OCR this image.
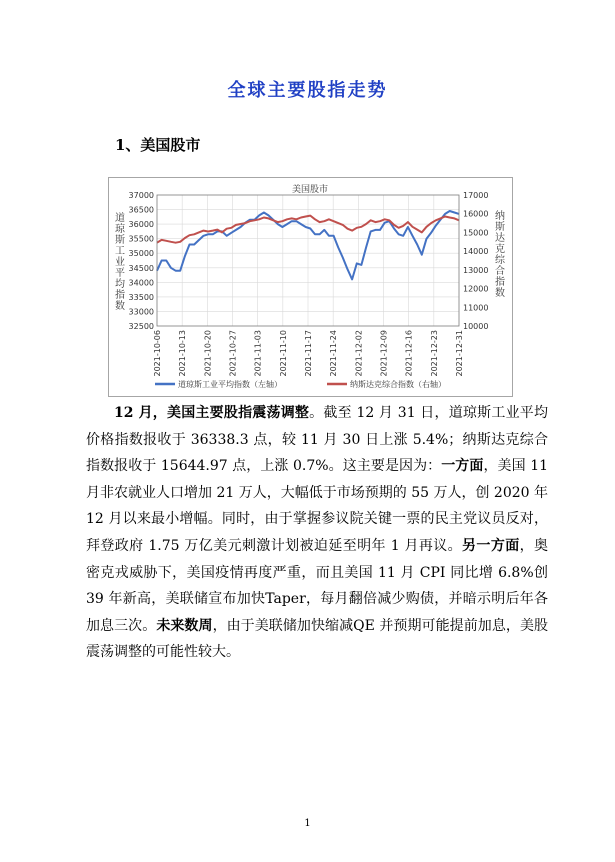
全球主要股指走势
1、美国股市
美国股市
37000
36500
36000
35500
35000
34500
34000
33500
33000
32500
17000
16000
15000
14000
13000
12000
11000
10000
2021-10-06 2021-10-13 2021-10-20 2021-10-27 2021-11-03 2021-11-10 2021-11-17 2021-11-24 2021-12-02 2021-12-09 2021-12-16 2021-12-23 2021-12-31
道
琼
斯
工
业
平
均
指
数
纳
斯
达
克
综
合
指
数
道琼斯工业平均指数（左轴）	纳斯达克综合指数（右轴）

12 月，美国主要股指震荡调整。截至 12 月 31 日，道琼斯工业平均价格指数报收于 36338.3 点，较 11 月 30 日上涨 5.4%；纳斯达克综合指数报收于 15644.97 点，上涨 0.7%。这主要是因为：一方面，美国 11 月非农就业人口增加 21 万人，大幅低于市场预期的 55 万人，创 2020 年 12 月以来最小增幅。同时，由于掌握参议院关键一票的民主党议员反对，拜登政府 1.75 万亿美元刺激计划被迫延至明年 1 月再议。另一方面，奥密克戎威胁下，美国疫情再度严重，而且美国 11 月 CPI 同比增 6.8%创 39 年新高，美联储宣布加快Taper，每月翻倍减少购债，并暗示明后年各加息三次。未来数周，由于美联储加快缩减QE 并预期可能提前加息，美股震荡调整的可能性较大。

1
